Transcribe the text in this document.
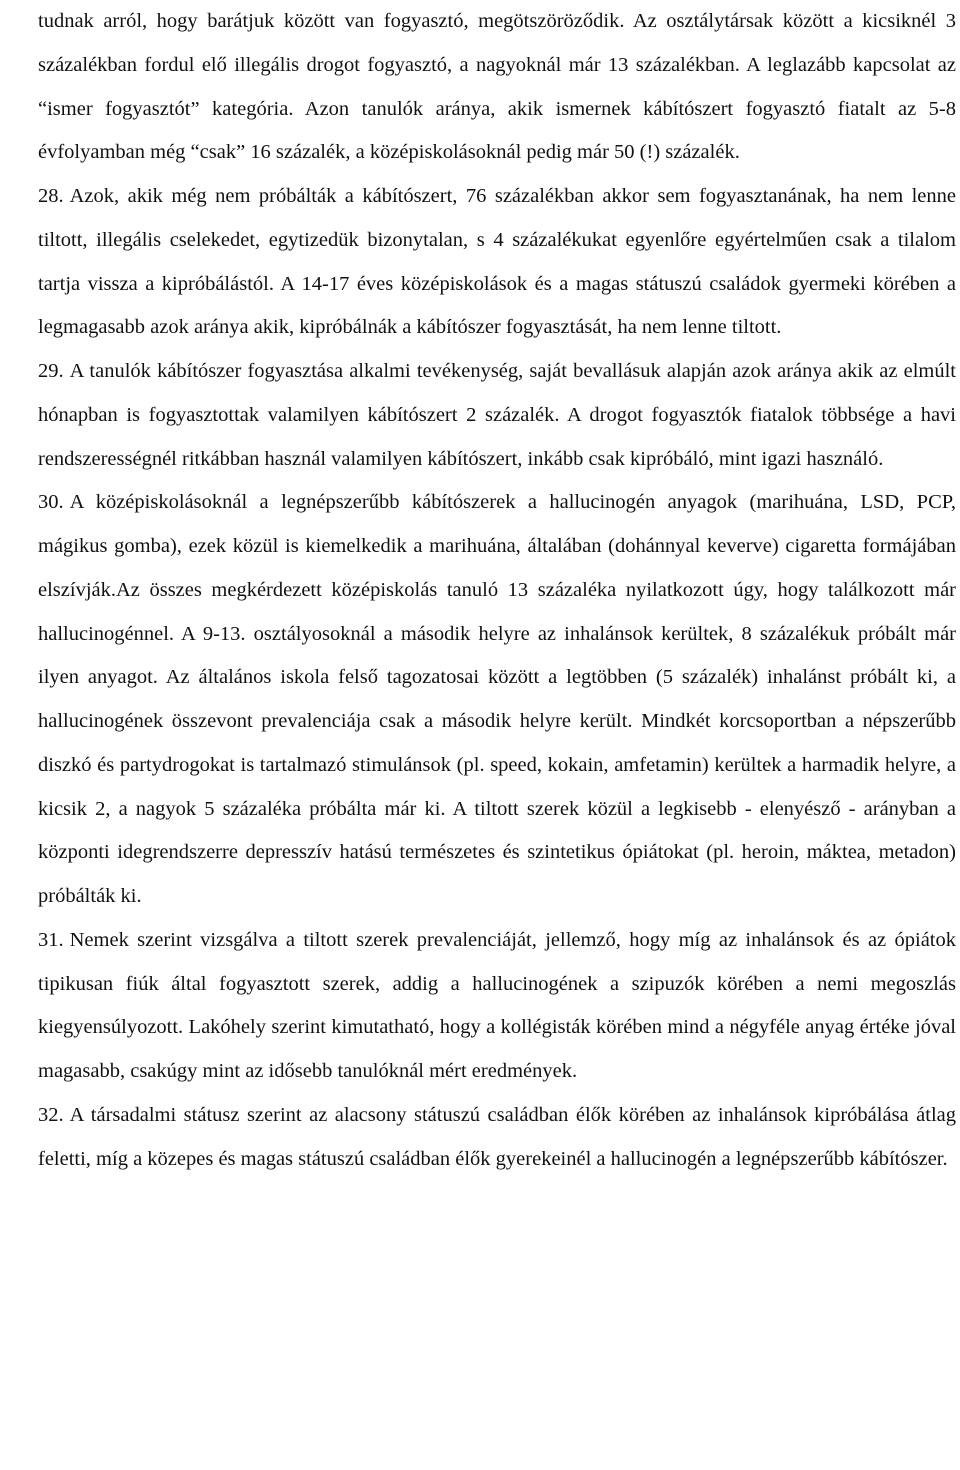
tudnak arról, hogy barátjuk között van fogyasztó, megötszöröződik. Az osztálytársak között a kicsiknél 3 százalékban fordul elő illegális drogot fogyasztó, a nagyoknál már 13 százalékban. A leglazább kapcsolat az “ismer fogyasztót” kategória. Azon tanulók aránya, akik ismernek kábítószert fogyasztó fiatalt az 5-8 évfolyamban még “csak” 16 százalék, a középiskolásoknál pedig már 50 (!) százalék.

28. Azok, akik még nem próbálták a kábítószert, 76 százalékban akkor sem fogyasztanának, ha nem lenne tiltott, illegális cselekedet, egytizedük bizonytalan, s 4 százalékukat egyenlőre egyértelműen csak a tilalom tartja vissza a kipróbálástól. A 14-17 éves középiskolások és a magas státuszú családok gyermeki körében a legmagasabb azok aránya akik, kipróbálnák a kábítószer fogyasztását, ha nem lenne tiltott.

29. A tanulók kábítószer fogyasztása alkalmi tevékenység, saját bevallásuk alapján azok aránya akik az elmúlt hónapban is fogyasztottak valamilyen kábítószert 2 százalék. A drogot fogyasztók fiatalok többsége a havi rendszerességnél ritkábban használ valamilyen kábítószert, inkább csak kipróbáló, mint igazi használó.

30. A középiskolásoknál a legnépszerűbb kábítószerek a hallucinogén anyagok (marihuána, LSD, PCP, mágikus gomba), ezek közül is kiemelkedik a marihuána, általában (dohánnyal keverve) cigaretta formájában elszívják.Az összes megkérdezett középiskolás tanuló 13 százaléka nyilatkozott úgy, hogy találkozott már hallucinogénnel. A 9-13. osztályosoknál a második helyre az inhalánsok kerültek, 8 százalékuk próbált már ilyen anyagot. Az általános iskola felső tagozatosai között a legtöbben (5 százalék) inhalánst próbált ki, a hallucinogének összevont prevalenciája csak a második helyre került. Mindkét korcsoportban a népszerűbb diszkó és partydrogokat is tartalmazó stimulánsok (pl. speed, kokain, amfetamin) kerültek a harmadik helyre, a kicsik 2, a nagyok 5 százaléka próbálta már ki. A tiltott szerek közül a legkisebb - elenyésző - arányban a központi idegrendszerre depresszív hatású természetes és szintetikus ópiátokat (pl. heroin, máktea, metadon) próbálták ki.

31. Nemek szerint vizsgálva a tiltott szerek prevalenciáját, jellemző, hogy míg az inhalánsok és az ópiátok tipikusan fiúk által fogyasztott szerek, addig a hallucinogének a szipuzók körében a nemi megoszlás kiegyensúlyozott. Lakóhely szerint kimutatható, hogy a kollégisták körében mind a négyféle anyag értéke jóval magasabb, csakúgy mint az idősebb tanulóknál mért eredmények.

32. A társadalmi státusz szerint az alacsony státuszú családban élők körében az inhalánsok kipróbálása átlag feletti, míg a közepes és magas státuszú családban élők gyerekeinél a hallucinogén a legnépszerűbb kábítószer.
